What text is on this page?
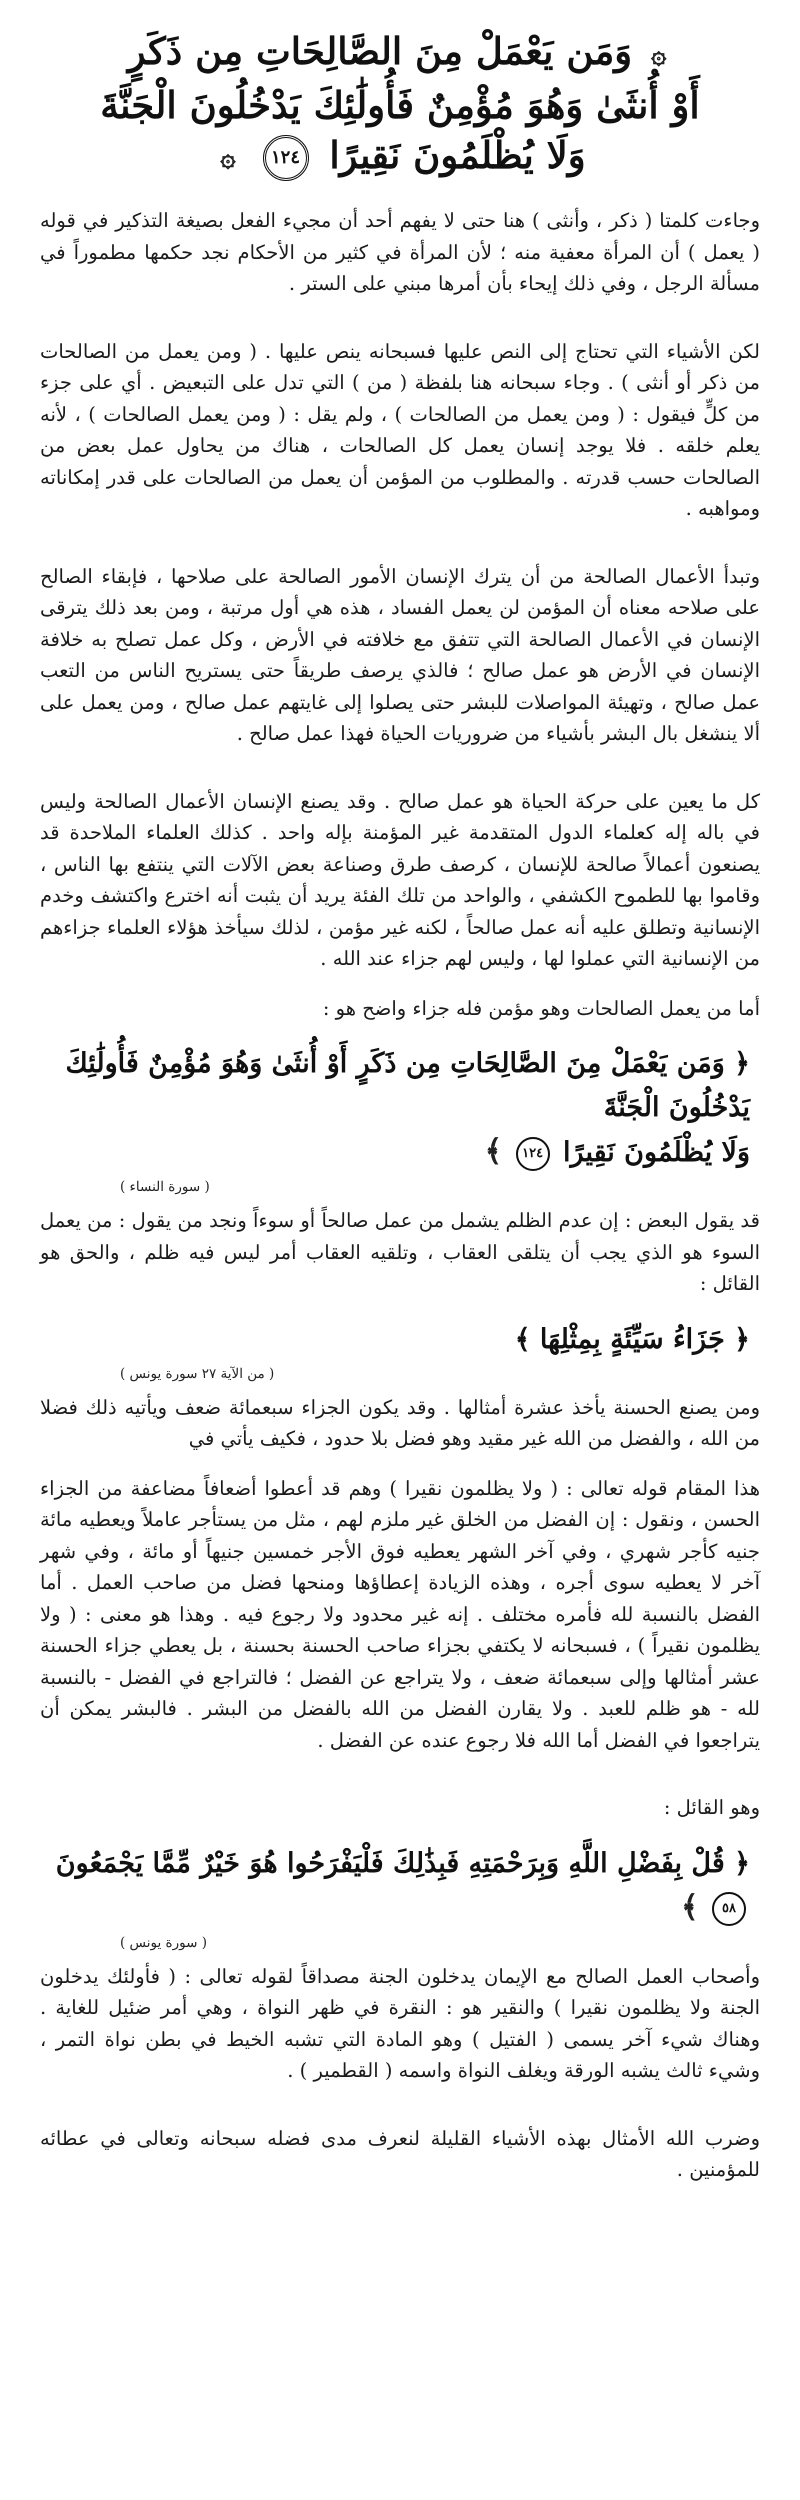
۞ وَمَن يَعْمَلْ مِنَ الصَّالِحَاتِ مِن ذَكَرٍ
أَوْ أُنثَىٰ وَهُوَ مُؤْمِنٌ فَأُولَٰئِكَ يَدْخُلُونَ الْجَنَّةَ
وَلَا يُظْلَمُونَ نَقِيرًا ١٢٤ ۞

وجاءت كلمتا ( ذكر ، وأنثى ) هنا حتى لا يفهم أحد أن مجيء الفعل بصيغة التذكير في قوله ( يعمل ) أن المرأة معفية منه ؛ لأن المرأة في كثير من الأحكام نجد حكمها مطموراً في مسألة الرجل ، وفي ذلك إيحاء بأن أمرها مبني على الستر .

لكن الأشياء التي تحتاج إلى النص عليها فسبحانه ينص عليها . ( ومن يعمل من الصالحات من ذكر أو أنثى ) . وجاء سبحانه هنا بلفظة ( من ) التي تدل على التبعيض . أي على جزء من كلٍّ فيقول : ( ومن يعمل من الصالحات ) ، ولم يقل : ( ومن يعمل الصالحات ) ، لأنه يعلم خلقه . فلا يوجد إنسان يعمل كل الصالحات ، هناك من يحاول عمل بعض من الصالحات حسب قدرته . والمطلوب من المؤمن أن يعمل من الصالحات على قدر إمكاناته ومواهبه .

وتبدأ الأعمال الصالحة من أن يترك الإنسان الأمور الصالحة على صلاحها ، فإبقاء الصالح على صلاحه معناه أن المؤمن لن يعمل الفساد ، هذه هي أول مرتبة ، ومن بعد ذلك يترقى الإنسان في الأعمال الصالحة التي تتفق مع خلافته في الأرض ، وكل عمل تصلح به خلافة الإنسان في الأرض هو عمل صالح ؛ فالذي يرصف طريقاً حتى يستريح الناس من التعب عمل صالح ، وتهيئة المواصلات للبشر حتى يصلوا إلى غايتهم عمل صالح ، ومن يعمل على ألا ينشغل بال البشر بأشياء من ضروريات الحياة فهذا عمل صالح .

كل ما يعين على حركة الحياة هو عمل صالح . وقد يصنع الإنسان الأعمال الصالحة وليس في باله إله كعلماء الدول المتقدمة غير المؤمنة بإله واحد . كذلك العلماء الملاحدة قد يصنعون أعمالاً صالحة للإنسان ، كرصف طرق وصناعة بعض الآلات التي ينتفع بها الناس ، وقاموا بها للطموح الكشفي ، والواحد من تلك الفئة يريد أن يثبت أنه اخترع واكتشف وخدم الإنسانية وتطلق عليه أنه عمل صالحاً ، لكنه غير مؤمن ، لذلك سيأخذ هؤلاء العلماء جزاءهم من الإنسانية التي عملوا لها ، وليس لهم جزاء عند الله .

أما من يعمل الصالحات وهو مؤمن فله جزاء واضح هو :

﴿ وَمَن يَعْمَلْ مِنَ الصَّالِحَاتِ مِن ذَكَرٍ أَوْ أُنثَىٰ وَهُوَ مُؤْمِنٌ فَأُولَٰئِكَ يَدْخُلُونَ الْجَنَّةَ
وَلَا يُظْلَمُونَ نَقِيرًا ١٢٤ ﴾
( سورة النساء )

قد يقول البعض : إن عدم الظلم يشمل من عمل صالحاً أو سوءاً ونجد من يقول : من يعمل السوء هو الذي يجب أن يتلقى العقاب ، وتلقيه العقاب أمر ليس فيه ظلم ، والحق هو القائل :

﴿ جَزَاءُ سَيِّئَةٍ بِمِثْلِهَا ﴾
( من الآية ٢٧ سورة يونس )

ومن يصنع الحسنة يأخذ عشرة أمثالها . وقد يكون الجزاء سبعمائة ضعف ويأتيه ذلك فضلا من الله ، والفضل من الله غير مقيد وهو فضل بلا حدود ، فكيف يأتي في

هذا المقام قوله تعالى : ( ولا يظلمون نقيرا ) وهم قد أعطوا أضعافاً مضاعفة من الجزاء الحسن ، ونقول : إن الفضل من الخلق غير ملزم لهم ، مثل من يستأجر عاملاً ويعطيه مائة جنيه كأجر شهري ، وفي آخر الشهر يعطيه فوق الأجر خمسين جنيهاً أو مائة ، وفي شهر آخر لا يعطيه سوى أجره ، وهذه الزيادة إعطاؤها ومنحها فضل من صاحب العمل . أما الفضل بالنسبة لله فأمره مختلف . إنه غير محدود ولا رجوع فيه . وهذا هو معنى : ( ولا يظلمون نقيراً ) ، فسبحانه لا يكتفي بجزاء صاحب الحسنة بحسنة ، بل يعطي جزاء الحسنة عشر أمثالها وإلى سبعمائة ضعف ، ولا يتراجع عن الفضل ؛ فالتراجع في الفضل - بالنسبة لله - هو ظلم للعبد . ولا يقارن الفضل من الله بالفضل من البشر . فالبشر يمكن أن يتراجعوا في الفضل أما الله فلا رجوع عنده عن الفضل .

وهو القائل :

﴿ قُلْ بِفَضْلِ اللَّهِ وَبِرَحْمَتِهِ فَبِذَٰلِكَ فَلْيَفْرَحُوا هُوَ خَيْرٌ مِّمَّا يَجْمَعُونَ ٥٨ ﴾
( سورة يونس )

وأصحاب العمل الصالح مع الإيمان يدخلون الجنة مصداقاً لقوله تعالى : ( فأولئك يدخلون الجنة ولا يظلمون نقيرا ) والنقير هو : النقرة في ظهر النواة ، وهي أمر ضئيل للغاية . وهناك شيء آخر يسمى ( الفتيل ) وهو المادة التي تشبه الخيط في بطن نواة التمر ، وشيء ثالث يشبه الورقة ويغلف النواة واسمه ( القطمير ) .

وضرب الله الأمثال بهذه الأشياء القليلة لنعرف مدى فضله سبحانه وتعالى في عطائه للمؤمنين .
